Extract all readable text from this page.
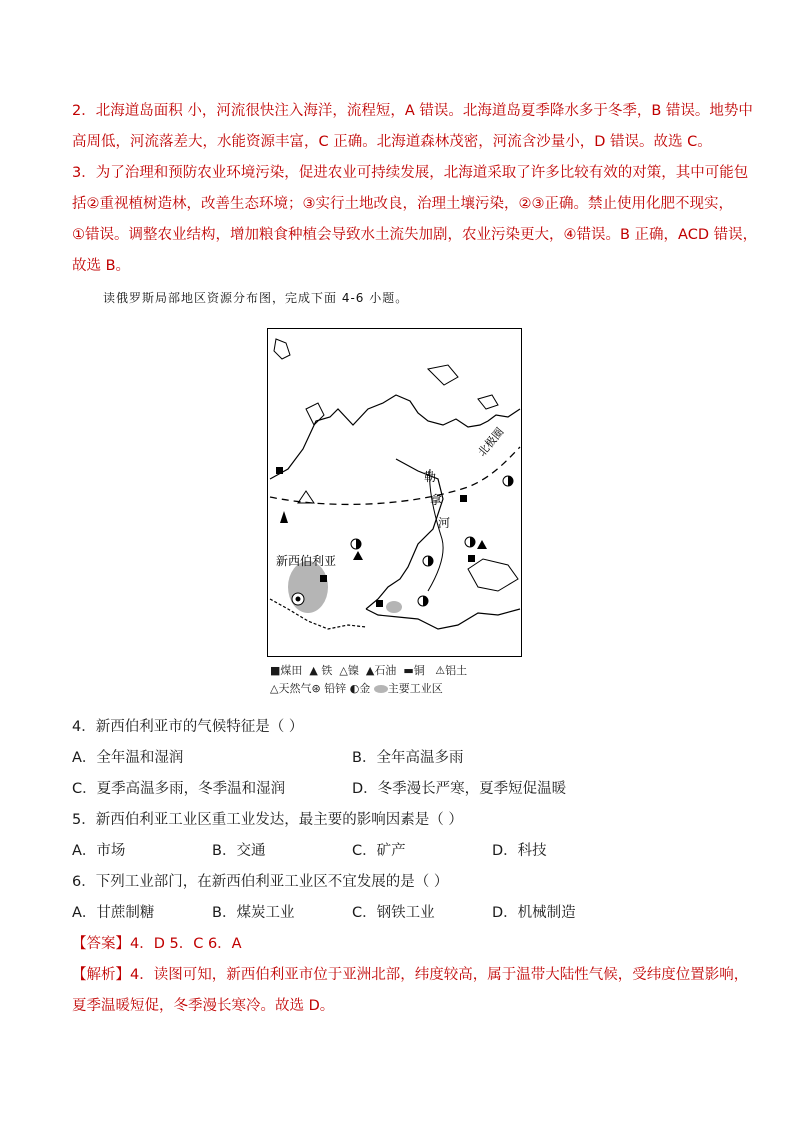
2．北海道岛面积 小，河流很快注入海洋，流程短，A 错误。北海道岛夏季降水多于冬季，B 错误。地势中
高周低，河流落差大，水能资源丰富，C 正确。北海道森林茂密，河流含沙量小，D 错误。故选 C。
3．为了治理和预防农业环境污染，促进农业可持续发展，北海道采取了许多比较有效的对策，其中可能包
括②重视植树造林，改善生态环境；③实行土地改良，治理土壤污染，②③正确。禁止使用化肥不现实，
①错误。调整农业结构，增加粮食种植会导致水土流失加剧，农业污染更大，④错误。B 正确，ACD 错误，
故选 B。
读俄罗斯局部地区资源分布图，完成下面 4-6 小题。
北极圈
勒
拿
河
新西伯利亚
■煤田 ▲ 铁 △镍 ▲石油 ▬铜 ⚠铝土
△天然气⊛ 铅锌 ◐金 主要工业区
4．新西伯利亚市的气候特征是（ ）
A．全年温和湿润	B．全年高温多雨
C．夏季高温多雨，冬季温和湿润	D．冬季漫长严寒，夏季短促温暖
5．新西伯利亚工业区重工业发达，最主要的影响因素是（ ）
A．市场	B．交通	C．矿产	D．科技
6．下列工业部门，在新西伯利亚工业区不宜发展的是（ ）
A．甘蔗制糖	B．煤炭工业	C．钢铁工业	D．机械制造
【答案】4．D 5．C 6．A
【解析】4．读图可知，新西伯利亚市位于亚洲北部，纬度较高，属于温带大陆性气候，受纬度位置影响，
夏季温暖短促，冬季漫长寒冷。故选 D。
